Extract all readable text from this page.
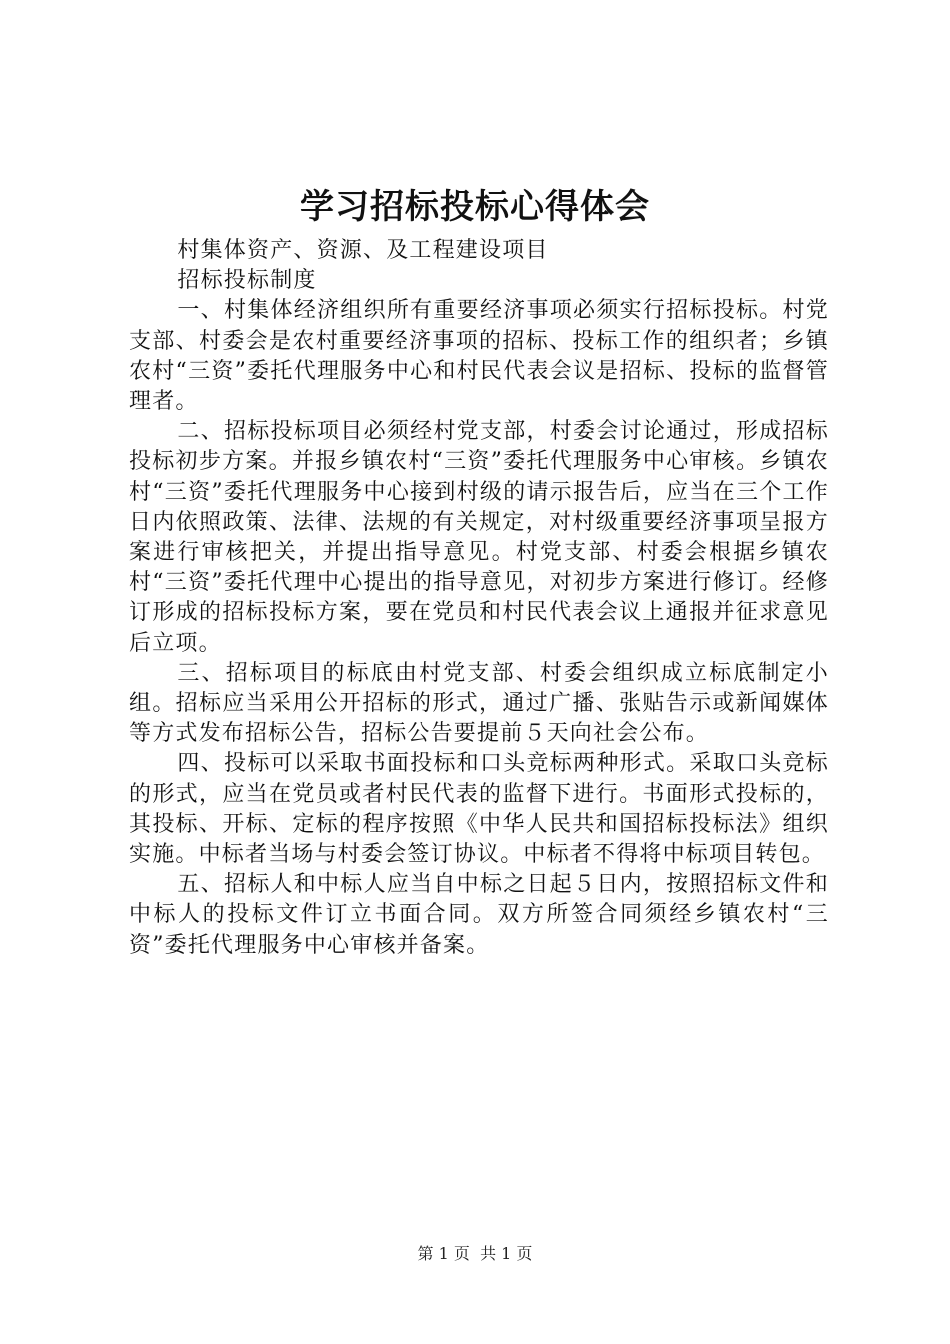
学习招标投标心得体会

村集体资产、资源、及工程建设项目

招标投标制度

一、村集体经济组织所有重要经济事项必须实行招标投标。村党支部、村委会是农村重要经济事项的招标、投标工作的组织者；乡镇农村“三资”委托代理服务中心和村民代表会议是招标、投标的监督管理者。

二、招标投标项目必须经村党支部，村委会讨论通过，形成招标投标初步方案。并报乡镇农村“三资”委托代理服务中心审核。乡镇农村“三资”委托代理服务中心接到村级的请示报告后，应当在三个工作日内依照政策、法律、法规的有关规定，对村级重要经济事项呈报方案进行审核把关，并提出指导意见。村党支部、村委会根据乡镇农村“三资”委托代理中心提出的指导意见，对初步方案进行修订。经修订形成的招标投标方案，要在党员和村民代表会议上通报并征求意见后立项。

三、招标项目的标底由村党支部、村委会组织成立标底制定小组。招标应当采用公开招标的形式，通过广播、张贴告示或新闻媒体等方式发布招标公告，招标公告要提前５天向社会公布。

四、投标可以采取书面投标和口头竞标两种形式。采取口头竞标的形式，应当在党员或者村民代表的监督下进行。书面形式投标的，其投标、开标、定标的程序按照《中华人民共和国招标投标法》组织实施。中标者当场与村委会签订协议。中标者不得将中标项目转包。

五、招标人和中标人应当自中标之日起５日内，按照招标文件和中标人的投标文件订立书面合同。双方所签合同须经乡镇农村“三资”委托代理服务中心审核并备案。

第 1 页 共 1 页
